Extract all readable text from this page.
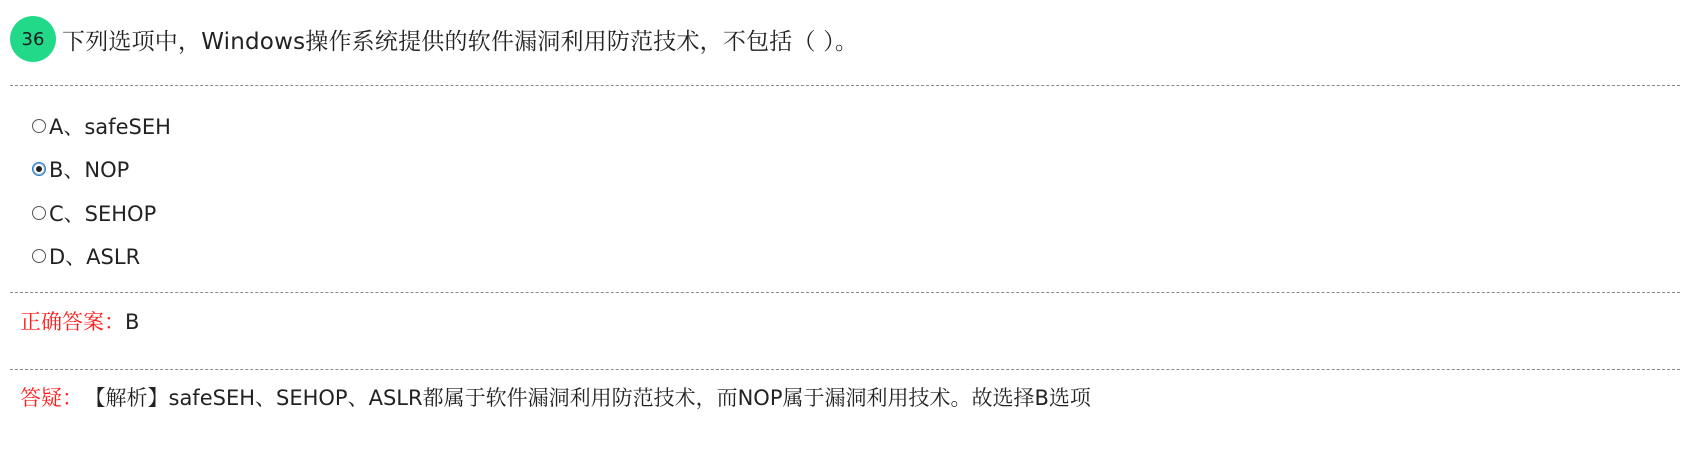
36 下列选项中，Windows操作系统提供的软件漏洞利用防范技术，不包括（ ）。
A、safeSEH
B、NOP
C、SEHOP
D、ASLR
正确答案：B
答疑： 【解析】safeSEH、SEHOP、ASLR都属于软件漏洞利用防范技术，而NOP属于漏洞利用技术。故选择B选项
